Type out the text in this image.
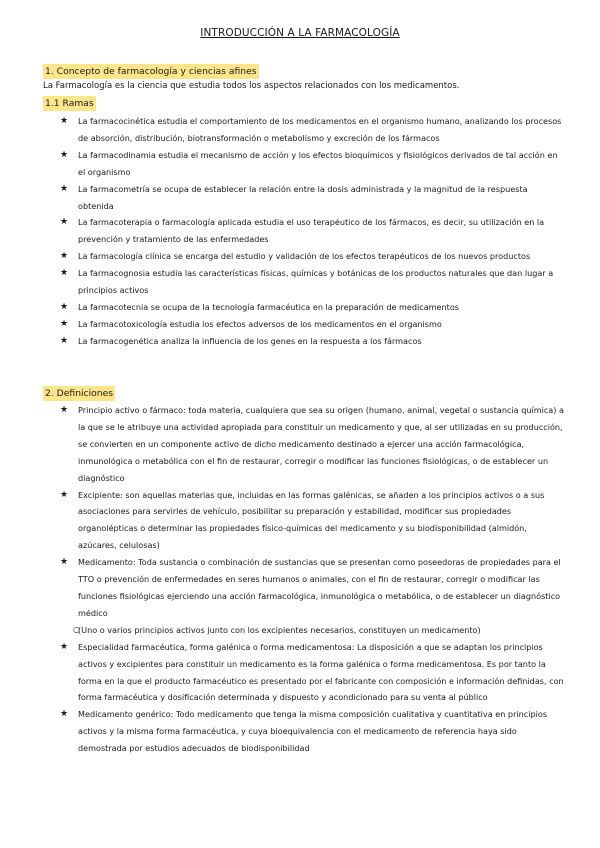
INTRODUCCIÓN A LA FARMACOLOGÍA
1. Concepto de farmacología y ciencias afines
La Farmacología es la ciencia que estudia todos los aspectos relacionados con los medicamentos.
1.1 Ramas
★ La farmacocinética estudia el comportamiento de los medicamentos en el organismo humano, analizando los procesos de absorción, distribución, biotransformación o metabolismo y excreción de los fármacos
★ La farmacodinamia estudia el mecanismo de acción y los efectos bioquímicos y fisiológicos derivados de tal acción en el organismo
★ La farmacometría se ocupa de establecer la relación entre la dosis administrada y la magnitud de la respuesta obtenida
★ La farmacoterapia o farmacología aplicada estudia el uso terapéutico de los fármacos, es decir, su utilización en la prevención y tratamiento de las enfermedades
★ La farmacología clínica se encarga del estudio y validación de los efectos terapéuticos de los nuevos productos
★ La farmacognosia estudia las características físicas, químicas y botánicas de los productos naturales que dan lugar a principios activos
★ La farmacotecnia se ocupa de la tecnología farmacéutica en la preparación de medicamentos
★ La farmacotoxicología estudia los efectos adversos de los medicamentos en el organismo
★ La farmacogenética analiza la influencia de los genes en la respuesta a los fármacos
2. Definiciones
★ Principio activo o fármaco: toda materia, cualquiera que sea su origen (humano, animal, vegetal o sustancia química) a la que se le atribuye una actividad apropiada para constituir un medicamento y que, al ser utilizadas en su producción, se convierten en un componente activo de dicho medicamento destinado a ejercer una acción farmacológica, inmunológica o metabólica con el fin de restaurar, corregir o modificar las funciones fisiológicas, o de establecer un diagnóstico
★ Excipiente: son aquellas materias que, incluidas en las formas galénicas, se añaden a los principios activos o a sus asociaciones para servirles de vehículo, posibilitar su preparación y estabilidad, modificar sus propiedades organolépticas o determinar las propiedades físico-químicas del medicamento y su biodisponibilidad (almidón, azúcares, celulosas)
★ Medicamento: Toda sustancia o combinación de sustancias que se presentan como poseedoras de propiedades para el TTO o prevención de enfermedades en seres humanos o animales, con el fin de restaurar, corregir o modificar las funciones fisiológicas ejerciendo una acción farmacológica, inmunológica o metabólica, o de establecer un diagnóstico médico
○
(Uno o varios principios activos junto con los excipientes necesarios, constituyen un medicamento)
★ Especialidad farmacéutica, forma galénica o forma medicamentosa: La disposición a que se adaptan los principios activos y excipientes para constituir un medicamento es la forma galénica o forma medicamentosa. Es por tanto la forma en la que el producto farmacéutico es presentado por el fabricante con composición e información definidas, con forma farmacéutica y dosificación determinada y dispuesto y acondicionado para su venta al público
★ Medicamento genérico: Todo medicamento que tenga la misma composición cualitativa y cuantitativa en principios activos y la misma forma farmacéutica, y cuya bioequivalencia con el medicamento de referencia haya sido demostrada por estudios adecuados de biodisponibilidad
